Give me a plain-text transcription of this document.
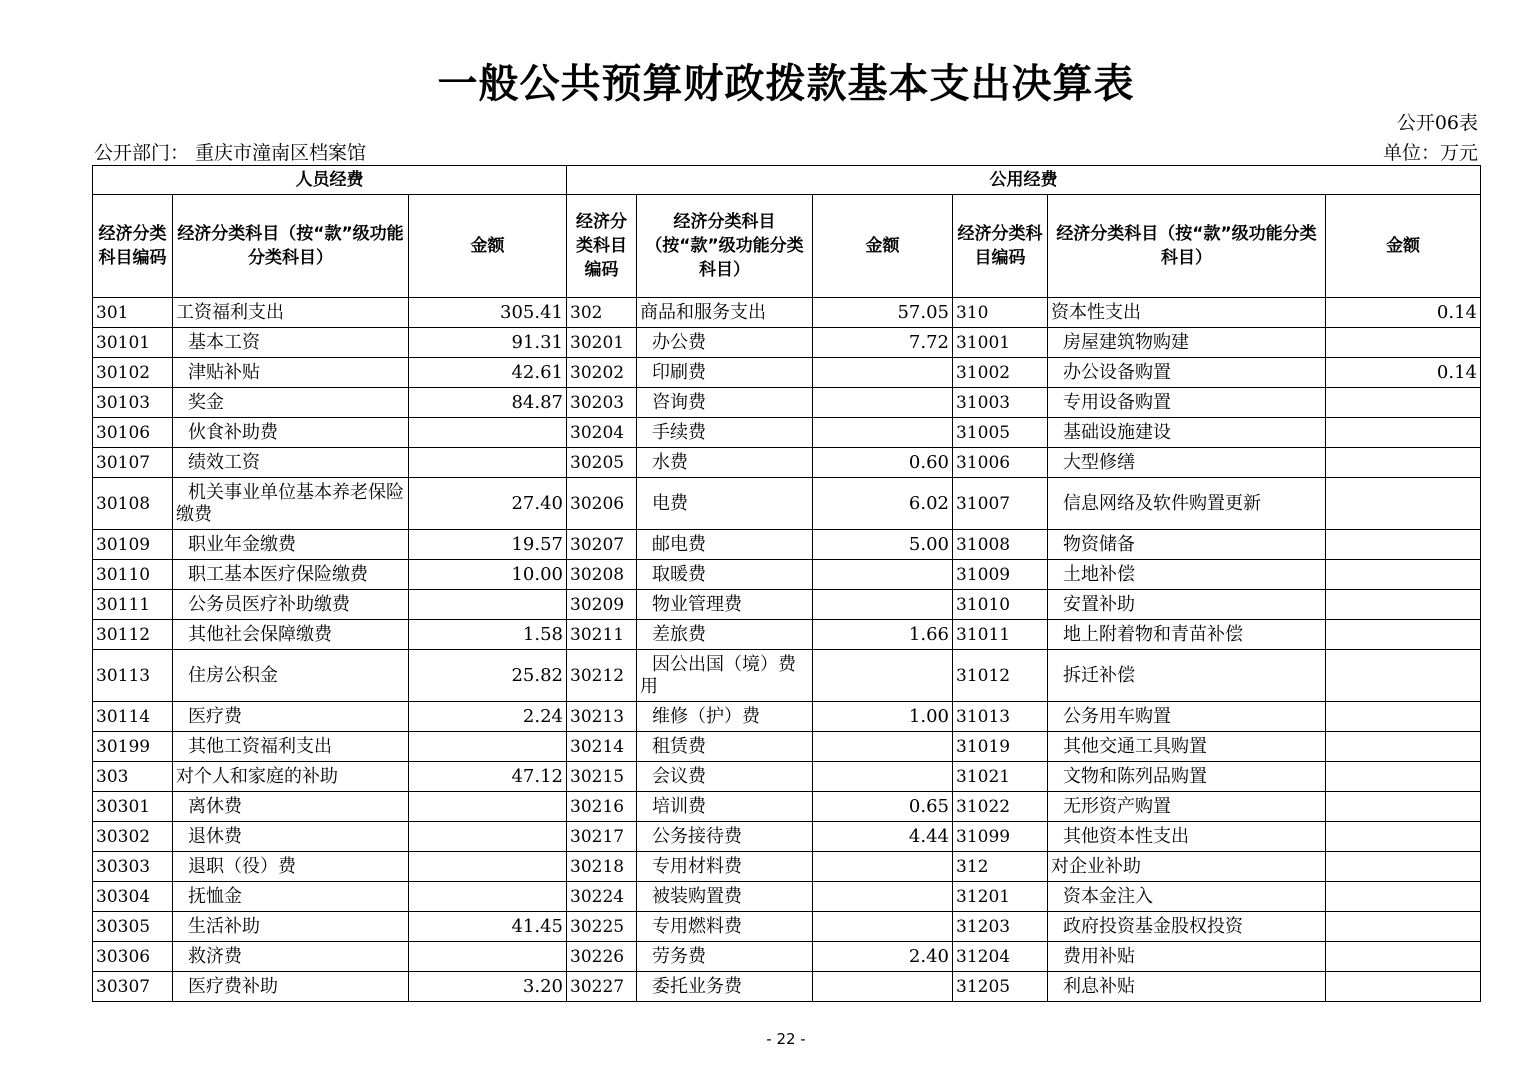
一般公共预算财政拨款基本支出决算表
公开06表
公开部门： 重庆市潼南区档案馆	单位：万元
人员经费			公用经费					
经济分类科目编码	经济分类科目（按“款”级功能分类科目）	金额	经济分类科目编码	经济分类科目（按“款”级功能分类科目）	金额	经济分类科目编码	经济分类科目（按“款”级功能分类科目）	金额
301	工资福利支出	305.41	302	商品和服务支出	57.05	310	资本性支出	0.14
30101	基本工资	91.31	30201	办公费	7.72	31001	房屋建筑物购建	
30102	津贴补贴	42.61	30202	印刷费		31002	办公设备购置	0.14
30103	奖金	84.87	30203	咨询费		31003	专用设备购置	
30106	伙食补助费		30204	手续费		31005	基础设施建设	
30107	绩效工资		30205	水费	0.60	31006	大型修缮	
30108	机关事业单位基本养老保险缴费	27.40	30206	电费	6.02	31007	信息网络及软件购置更新	
30109	职业年金缴费	19.57	30207	邮电费	5.00	31008	物资储备	
30110	职工基本医疗保险缴费	10.00	30208	取暖费		31009	土地补偿	
30111	公务员医疗补助缴费		30209	物业管理费		31010	安置补助	
30112	其他社会保障缴费	1.58	30211	差旅费	1.66	31011	地上附着物和青苗补偿	
30113	住房公积金	25.82	30212	因公出国（境）费用		31012	拆迁补偿	
30114	医疗费	2.24	30213	维修（护）费	1.00	31013	公务用车购置	
30199	其他工资福利支出		30214	租赁费		31019	其他交通工具购置	
303	对个人和家庭的补助	47.12	30215	会议费		31021	文物和陈列品购置	
30301	离休费		30216	培训费	0.65	31022	无形资产购置	
30302	退休费		30217	公务接待费	4.44	31099	其他资本性支出	
30303	退职（役）费		30218	专用材料费		312	对企业补助	
30304	抚恤金		30224	被装购置费		31201	资本金注入	
30305	生活补助	41.45	30225	专用燃料费		31203	政府投资基金股权投资	
30306	救济费		30226	劳务费	2.40	31204	费用补贴	
30307	医疗费补助	3.20	30227	委托业务费		31205	利息补贴	
- 22 -
